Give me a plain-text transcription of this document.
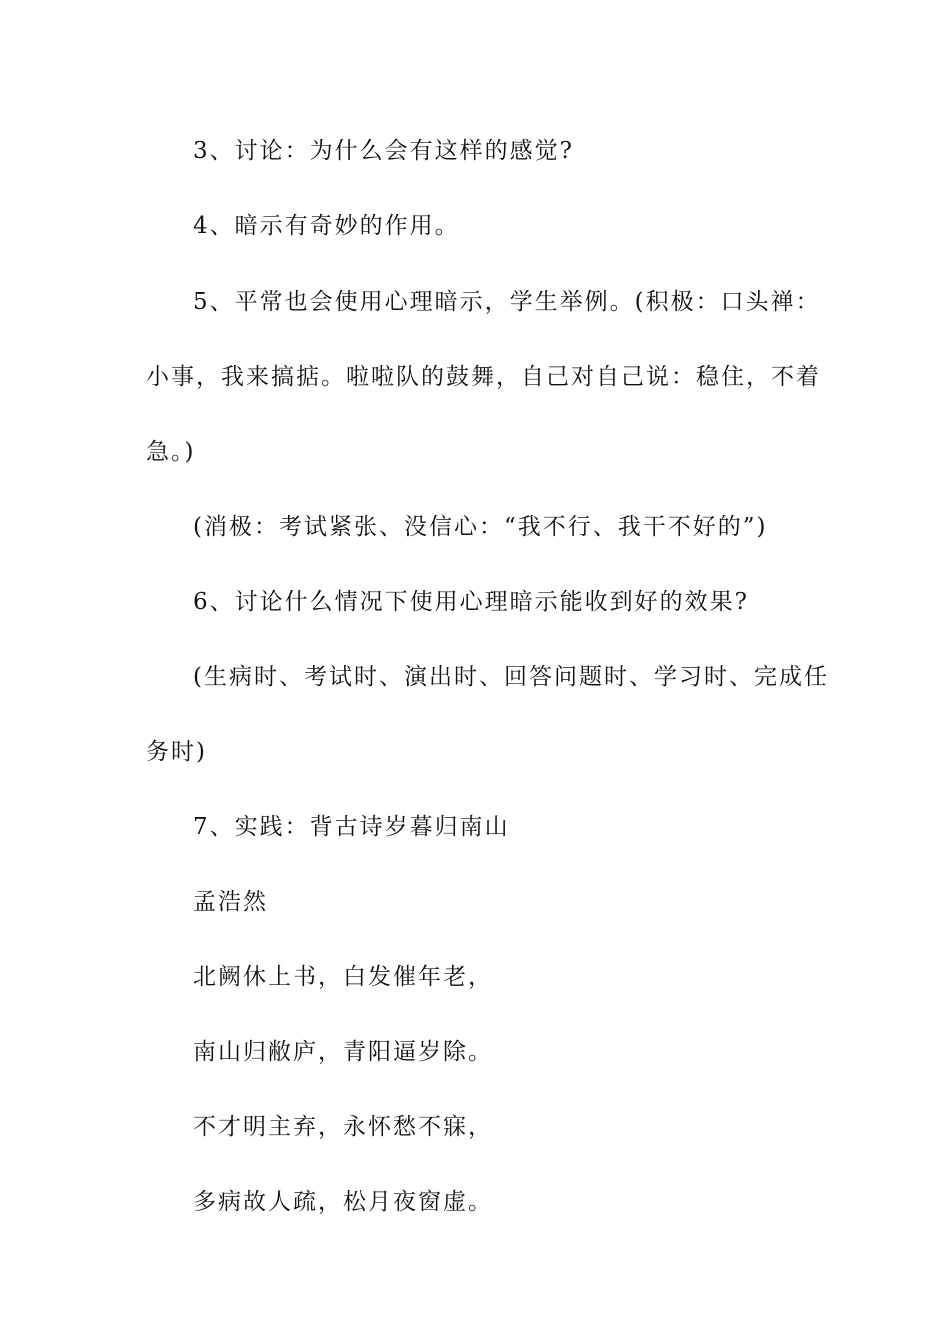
3、讨论：为什么会有这样的感觉?
4、暗示有奇妙的作用。
5、平常也会使用心理暗示，学生举例。(积极：口头禅：
小事，我来搞掂。啦啦队的鼓舞，自己对自己说：稳住，不着
急。)
(消极：考试紧张、没信心：“我不行、我干不好的”)
6、讨论什么情况下使用心理暗示能收到好的效果?
(生病时、考试时、演出时、回答问题时、学习时、完成任
务时)
7、实践：背古诗岁暮归南山
孟浩然
北阙休上书，白发催年老，
南山归敝庐，青阳逼岁除。
不才明主弃，永怀愁不寐，
多病故人疏，松月夜窗虚。
